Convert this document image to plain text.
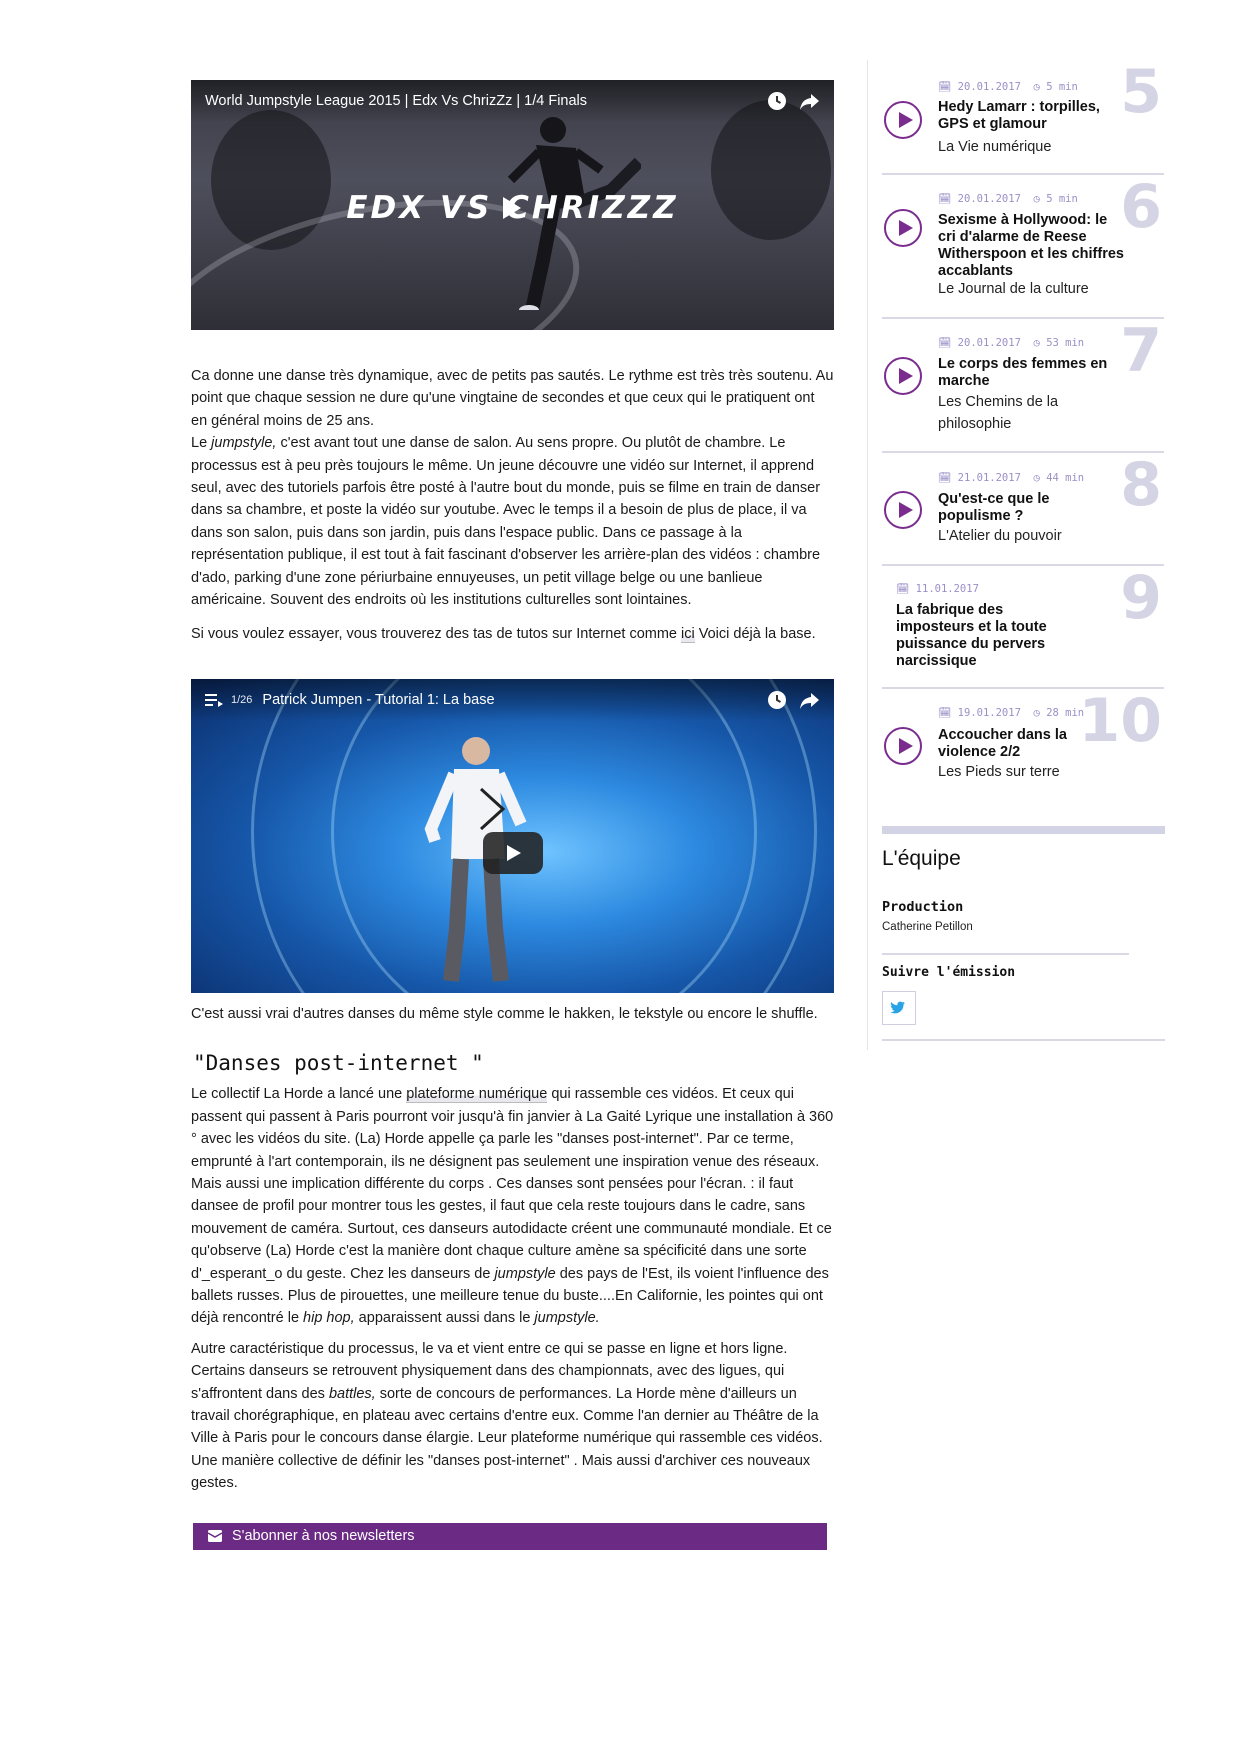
World Jumpstyle League 2015 | Edx Vs ChrizZz | 1/4 Finals
EDX VS CHRIZZZ

Ca donne une danse très dynamique, avec de petits pas sautés. Le rythme est très très soutenu. Au point que chaque session ne dure qu'une vingtaine de secondes et que ceux qui le pratiquent ont en général moins de 25 ans.

Le jumpstyle, c'est avant tout une danse de salon. Au sens propre. Ou plutôt de chambre. Le processus est à peu près toujours le même. Un jeune découvre une vidéo sur Internet, il apprend seul, avec des tutoriels parfois être posté à l'autre bout du monde, puis se filme en train de danser dans sa chambre, et poste la vidéo sur youtube. Avec le temps il a besoin de plus de place, il va dans son salon, puis dans son jardin, puis dans l'espace public. Dans ce passage à la représentation publique, il est tout à fait fascinant d'observer les arrière-plan des vidéos : chambre d'ado, parking d'une zone périurbaine ennuyeuses, un petit village belge ou une banlieue américaine. Souvent des endroits où les institutions culturelles sont lointaines.

Si vous voulez essayer, vous trouverez des tas de tutos sur Internet comme ici Voici déjà la base.

1/26 Patrick Jumpen - Tutorial 1: La base

C'est aussi vrai d'autres danses du même style comme le hakken, le tekstyle ou encore le shuffle.

"Danses post-internet "

Le collectif La Horde a lancé une plateforme numérique qui rassemble ces vidéos. Et ceux qui passent qui passent à Paris pourront voir jusqu'à fin janvier à La Gaité Lyrique une installation à 360 ° avec les vidéos du site. (La) Horde appelle ça parle les "danses post-internet". Par ce terme, emprunté à l'art contemporain, ils ne désignent pas seulement une inspiration venue des réseaux. Mais aussi une implication différente du corps . Ces danses sont pensées pour l'écran. : il faut dansee de profil pour montrer tous les gestes, il faut que cela reste toujours dans le cadre, sans mouvement de caméra. Surtout, ces danseurs autodidacte créent une communauté mondiale. Et ce qu'observe (La) Horde c'est la manière dont chaque culture amène sa spécificité dans une sorte d'_esperant_o du geste. Chez les danseurs de jumpstyle des pays de l'Est, ils voient l'influence des ballets russes. Plus de pirouettes, une meilleure tenue du buste....En Californie, les pointes qui ont déjà rencontré le hip hop, apparaissent aussi dans le jumpstyle.

Autre caractéristique du processus, le va et vient entre ce qui se passe en ligne et hors ligne. Certains danseurs se retrouvent physiquement dans des championnats, avec des ligues, qui s'affrontent dans des battles, sorte de concours de performances. La Horde mène d'ailleurs un travail chorégraphique, en plateau avec certains d'entre eux. Comme l'an dernier au Théâtre de la Ville à Paris pour le concours danse élargie. Leur plateforme numérique qui rassemble ces vidéos. Une manière collective de définir les "danses post-internet" . Mais aussi d'archiver ces nouveaux gestes.

S'abonner à nos newsletters
5
🗓 20.01.2017 ◷ 5 min
Hedy Lamarr : torpilles, GPS et glamour
La Vie numérique
6
🗓 20.01.2017 ◷ 5 min
Sexisme à Hollywood: le cri d'alarme de Reese Witherspoon et les chiffres accablants
Le Journal de la culture
7
🗓 20.01.2017 ◷ 53 min
Le corps des femmes en marche
Les Chemins de la philosophie
8
🗓 21.01.2017 ◷ 44 min
Qu'est-ce que le populisme ?
L'Atelier du pouvoir
9
🗓 11.01.2017
La fabrique des imposteurs et la toute puissance du pervers narcissique
10
🗓 19.01.2017 ◷ 28 min
Accoucher dans la violence 2/2
Les Pieds sur terre
L'équipe
Production
Catherine Petillon
Suivre l'émission
